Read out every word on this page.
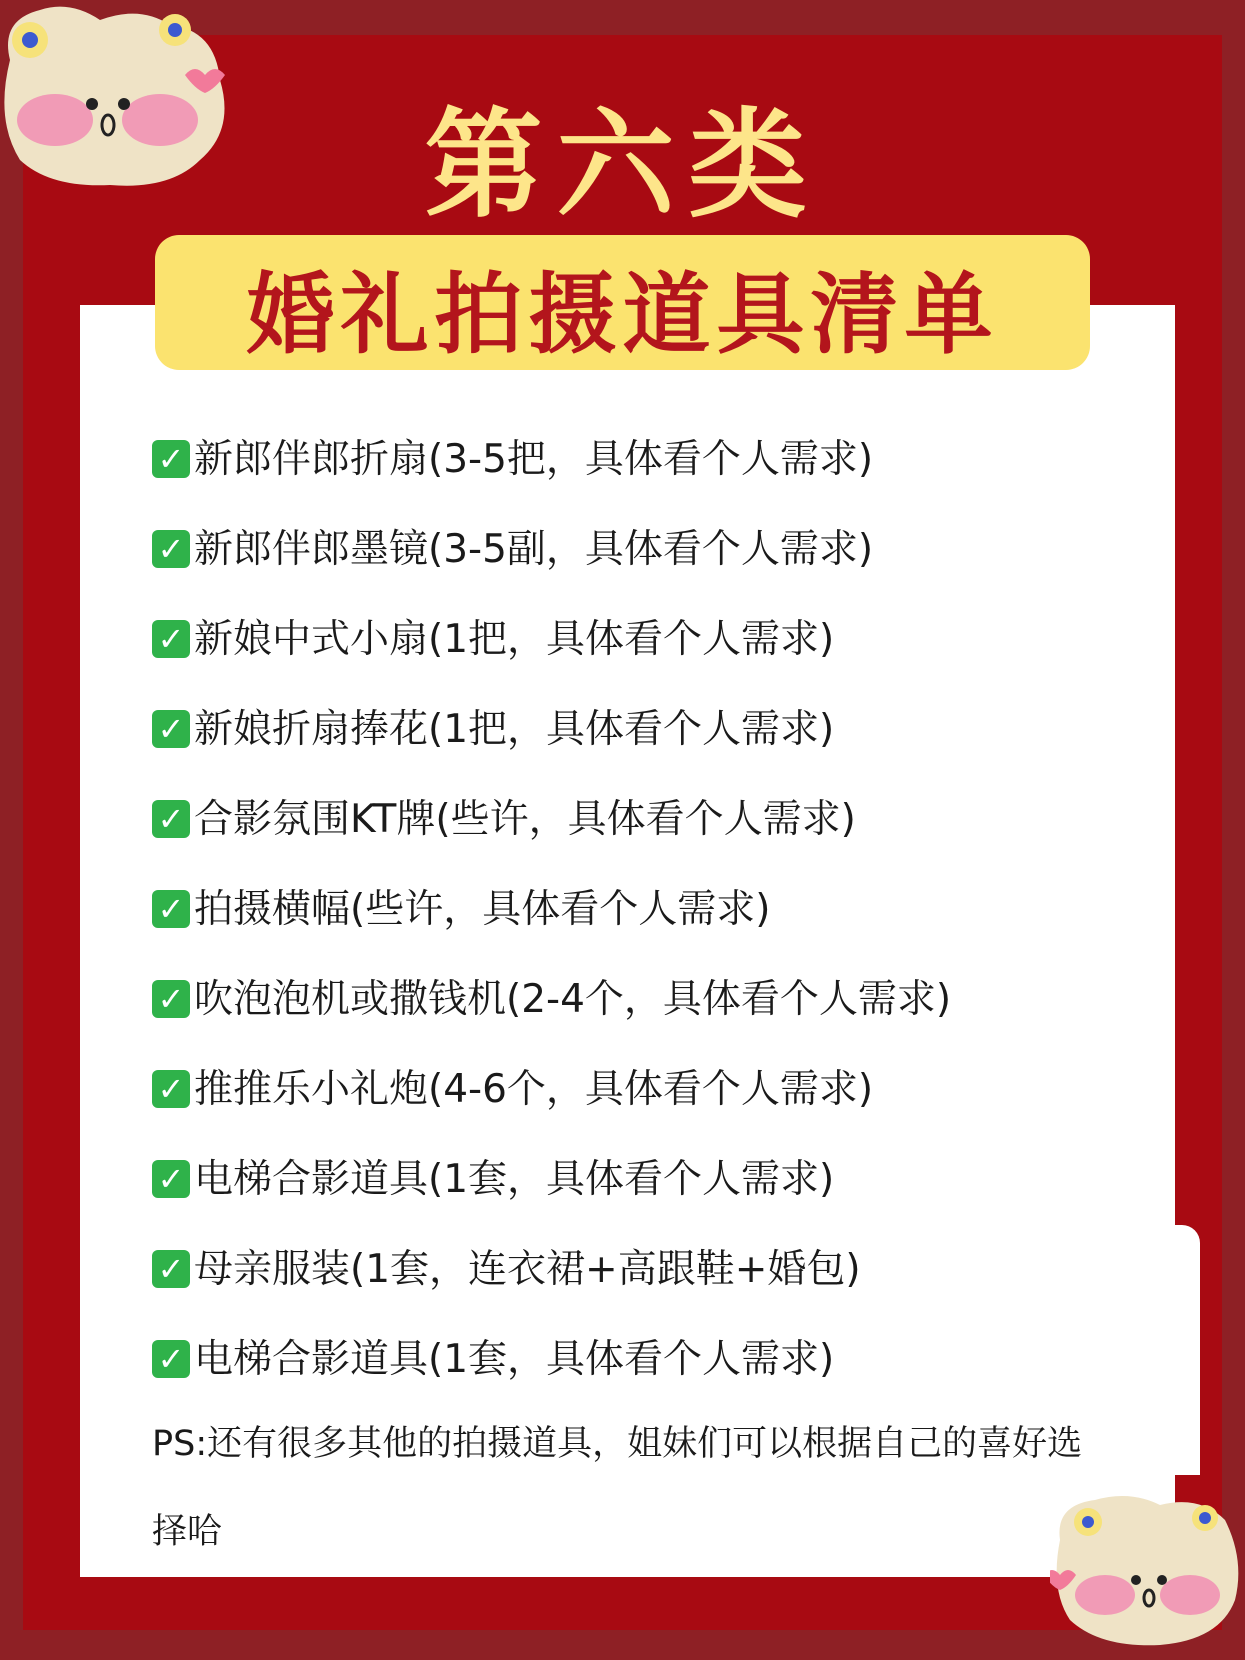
第六类
婚礼拍摄道具清单
✓ 新郎伴郎折扇(3-5把，具体看个人需求)
✓ 新郎伴郎墨镜(3-5副，具体看个人需求)
✓ 新娘中式小扇(1把，具体看个人需求)
✓ 新娘折扇捧花(1把，具体看个人需求)
✓ 合影氛围KT牌(些许，具体看个人需求)
✓ 拍摄横幅(些许，具体看个人需求)
✓ 吹泡泡机或撒钱机(2-4个，具体看个人需求)
✓ 推推乐小礼炮(4-6个，具体看个人需求)
✓ 电梯合影道具(1套，具体看个人需求)
✓ 母亲服装(1套，连衣裙+高跟鞋+婚包)
✓ 电梯合影道具(1套，具体看个人需求)
PS:还有很多其他的拍摄道具，姐妹们可以根据自己的喜好选
择哈
